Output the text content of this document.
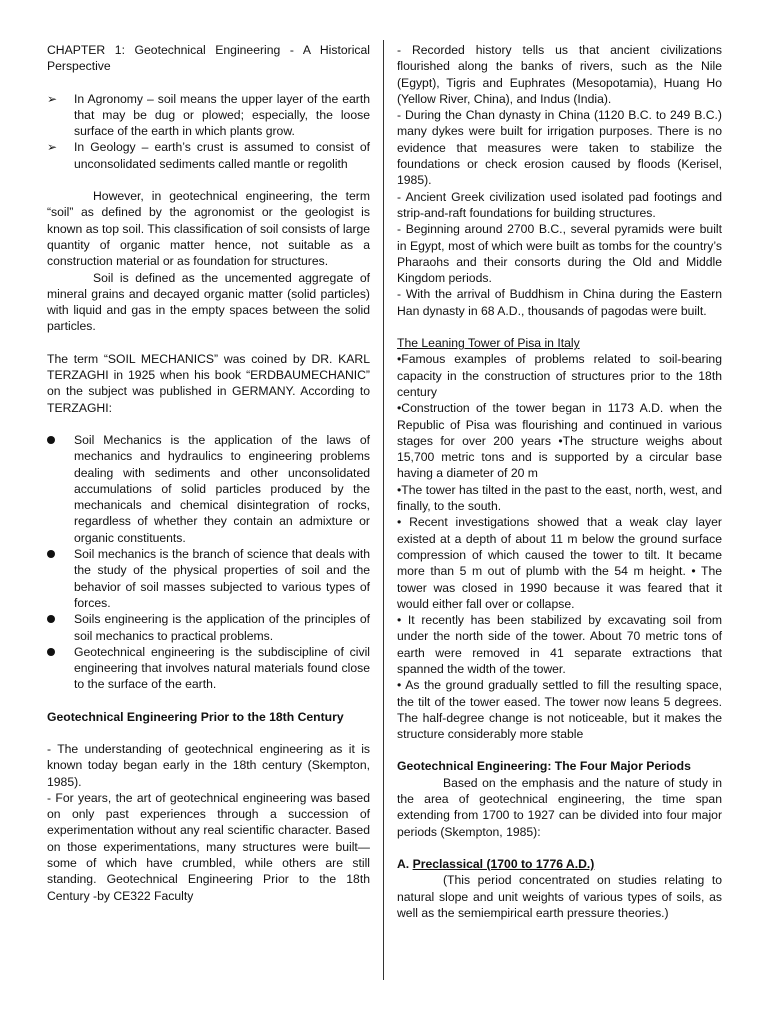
CHAPTER 1: Geotechnical Engineering - A Historical Perspective

➢	In Agronomy – soil means the upper layer of the earth that may be dug or plowed; especially, the loose surface of the earth in which plants grow.
➢	In Geology – earth’s crust is assumed to consist of unconsolidated sediments called mantle or regolith

However, in geotechnical engineering, the term “soil” as defined by the agronomist or the geologist is known as top soil. This classification of soil consists of large quantity of organic matter hence, not suitable as a construction material or as foundation for structures.

Soil is defined as the uncemented aggregate of mineral grains and decayed organic matter (solid particles) with liquid and gas in the empty spaces between the solid particles.

The term “SOIL MECHANICS” was coined by DR. KARL TERZAGHI in 1925 when his book “ERDBAUMECHANIC” on the subject was published in GERMANY. According to TERZAGHI:

Soil Mechanics is the application of the laws of mechanics and hydraulics to engineering problems dealing with sediments and other unconsolidated accumulations of solid particles produced by the mechanicals and chemical disintegration of rocks, regardless of whether they contain an admixture or organic constituents.
Soil mechanics is the branch of science that deals with the study of the physical properties of soil and the behavior of soil masses subjected to various types of forces.
Soils engineering is the application of the principles of soil mechanics to practical problems.
Geotechnical engineering is the subdiscipline of civil engineering that involves natural materials found close to the surface of the earth.

Geotechnical Engineering Prior to the 18th Century

- The understanding of geotechnical engineering as it is known today began early in the 18th century (Skempton, 1985).

- For years, the art of geotechnical engineering was based on only past experiences through a succession of experimentation without any real scientific character. Based on those experimentations, many structures were built—some of which have crumbled, while others are still standing. Geotechnical Engineering Prior to the 18th Century -by CE322 Faculty

- Recorded history tells us that ancient civilizations flourished along the banks of rivers, such as the Nile (Egypt), Tigris and Euphrates (Mesopotamia), Huang Ho (Yellow River, China), and Indus (India).

- During the Chan dynasty in China (1120 B.C. to 249 B.C.) many dykes were built for irrigation purposes. There is no evidence that measures were taken to stabilize the foundations or check erosion caused by floods (Kerisel, 1985).

- Ancient Greek civilization used isolated pad footings and strip-and-raft foundations for building structures.

- Beginning around 2700 B.C., several pyramids were built in Egypt, most of which were built as tombs for the country’s Pharaohs and their consorts during the Old and Middle Kingdom periods.

- With the arrival of Buddhism in China during the Eastern Han dynasty in 68 A.D., thousands of pagodas were built.

The Leaning Tower of Pisa in Italy

•Famous examples of problems related to soil-bearing capacity in the construction of structures prior to the 18th century

•Construction of the tower began in 1173 A.D. when the Republic of Pisa was flourishing and continued in various stages for over 200 years •The structure weighs about 15,700 metric tons and is supported by a circular base having a diameter of 20 m

•The tower has tilted in the past to the east, north, west, and finally, to the south.

• Recent investigations showed that a weak clay layer existed at a depth of about 11 m below the ground surface compression of which caused the tower to tilt. It became more than 5 m out of plumb with the 54 m height. • The tower was closed in 1990 because it was feared that it would either fall over or collapse.

• It recently has been stabilized by excavating soil from under the north side of the tower. About 70 metric tons of earth were removed in 41 separate extractions that spanned the width of the tower.

• As the ground gradually settled to fill the resulting space, the tilt of the tower eased. The tower now leans 5 degrees. The half-degree change is not noticeable, but it makes the structure considerably more stable

Geotechnical Engineering: The Four Major Periods

Based on the emphasis and the nature of study in the area of geotechnical engineering, the time span extending from 1700 to 1927 can be divided into four major periods (Skempton, 1985):

A. Preclassical (1700 to 1776 A.D.)

(This period concentrated on studies relating to natural slope and unit weights of various types of soils, as well as the semiempirical earth pressure theories.)
